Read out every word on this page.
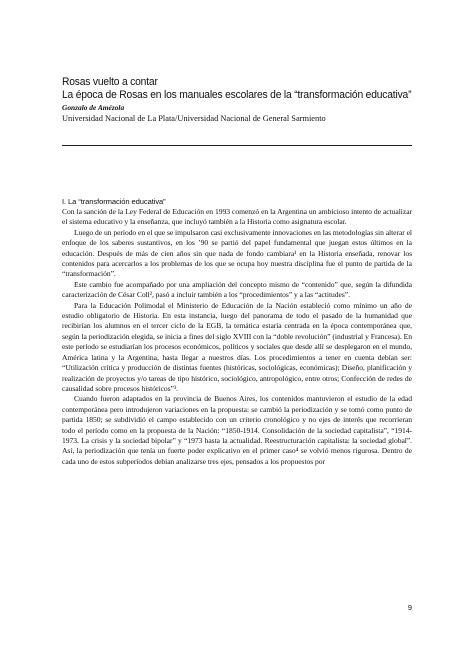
Rosas vuelto a contar

La época de Rosas en los manuales escolares de la “transformación educativa”

Gonzalo de Amézola

Universidad Nacional de La Plata/Universidad Nacional de General Sarmiento

I. La “transformación educativa”

Con la sanción de la Ley Federal de Educación en 1993 comenzó en la Argentina un ambicioso intento de actualizar el sistema educativo y la enseñanza, que incluyó también a la Historia como asignatura escolar.

Luego de un período en el que se impulsaron casi exclusivamente innovaciones en las metodologías sin alterar el enfoque de los saberes sustantivos, en los ’90 se partió del papel fundamental que juegan estos últimos en la educación. Después de más de cien años sin que nada de fondo cambiara¹ en la Historia enseñada, renovar los contenidos para acercarlos a los problemas de los que se ocupa hoy nuestra disciplina fue el punto de partida de la “transformación”.

Este cambio fue acompañado por una ampliación del concepto mismo de “contenido” que, según la difundida caracterización de César Coll², pasó a incluir también a los “procedimientos” y a las “actitudes”.

Para la Educación Polimodal el Ministerio de Educación de la Nación estableció como mínimo un año de estudio obligatorio de Historia. En esta instancia, luego del panorama de todo el pasado de la humanidad que recibirían los alumnos en el tercer ciclo de la EGB, la temática estaría centrada en la época contemporánea que, según la periodización elegida, se inicia a fines del siglo XVIII con la “doble revolución” (industrial y Francesa). En este período se estudiarían los procesos económicos, políticos y sociales que desde allí se desplegaron en el mundo, América latina y la Argentina, hasta llegar a nuestros días. Los procedimientos a tener en cuenta debían ser: “Utilización crítica y producción de distintas fuentes (históricas, sociológicas, económicas); Diseño, planificación y realización de proyectos y/o tareas de tipo histórico, sociológico, antropológico, entre otros; Confección de redes de causalidad sobre procesos históricos”³.

Cuando fueron adaptados en la provincia de Buenos Aires, los contenidos mantuvieron el estudio de la edad contemporánea pero introdujeron variaciones en la propuesta: se cambió la periodización y se tomó como punto de partida 1850; se subdividió el campo establecido con un criterio cronológico y no ejes de interés que recorrieran todo el período como en la propuesta de la Nación: “1850-1914. Consolidación de la sociedad capitalista”, “1914-1973. La crisis y la sociedad bipolar” y “1973 hasta la actualidad. Reestructuración capitalista: la sociedad global”. Así, la periodización que tenía un fuerte poder explicativo en el primer caso⁴ se volvió menos rigurosa. Dentro de cada uno de estos subperíodos debían analizarse tres ejes, pensados a los propuestos por

9
